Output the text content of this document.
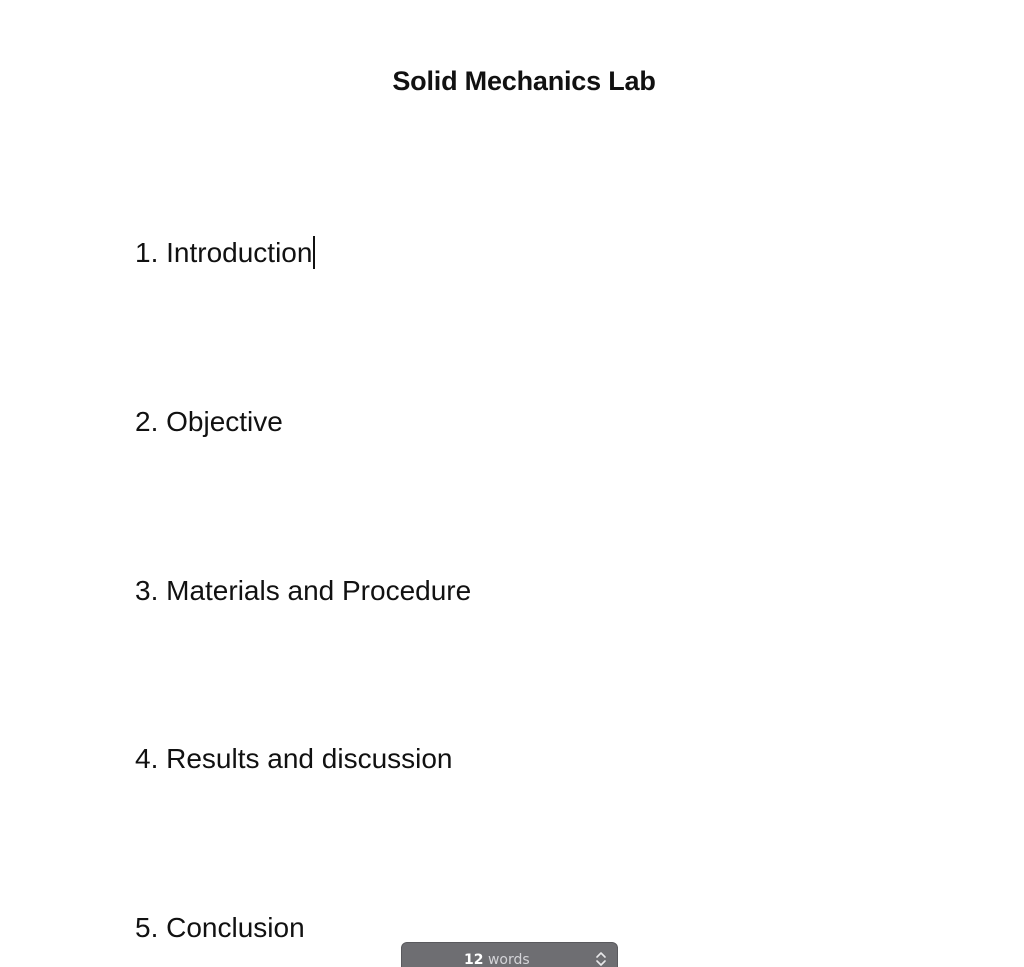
Solid Mechanics Lab

1. Introduction

2. Objective

3. Materials and Procedure

4. Results and discussion

5. Conclusion

12 words
